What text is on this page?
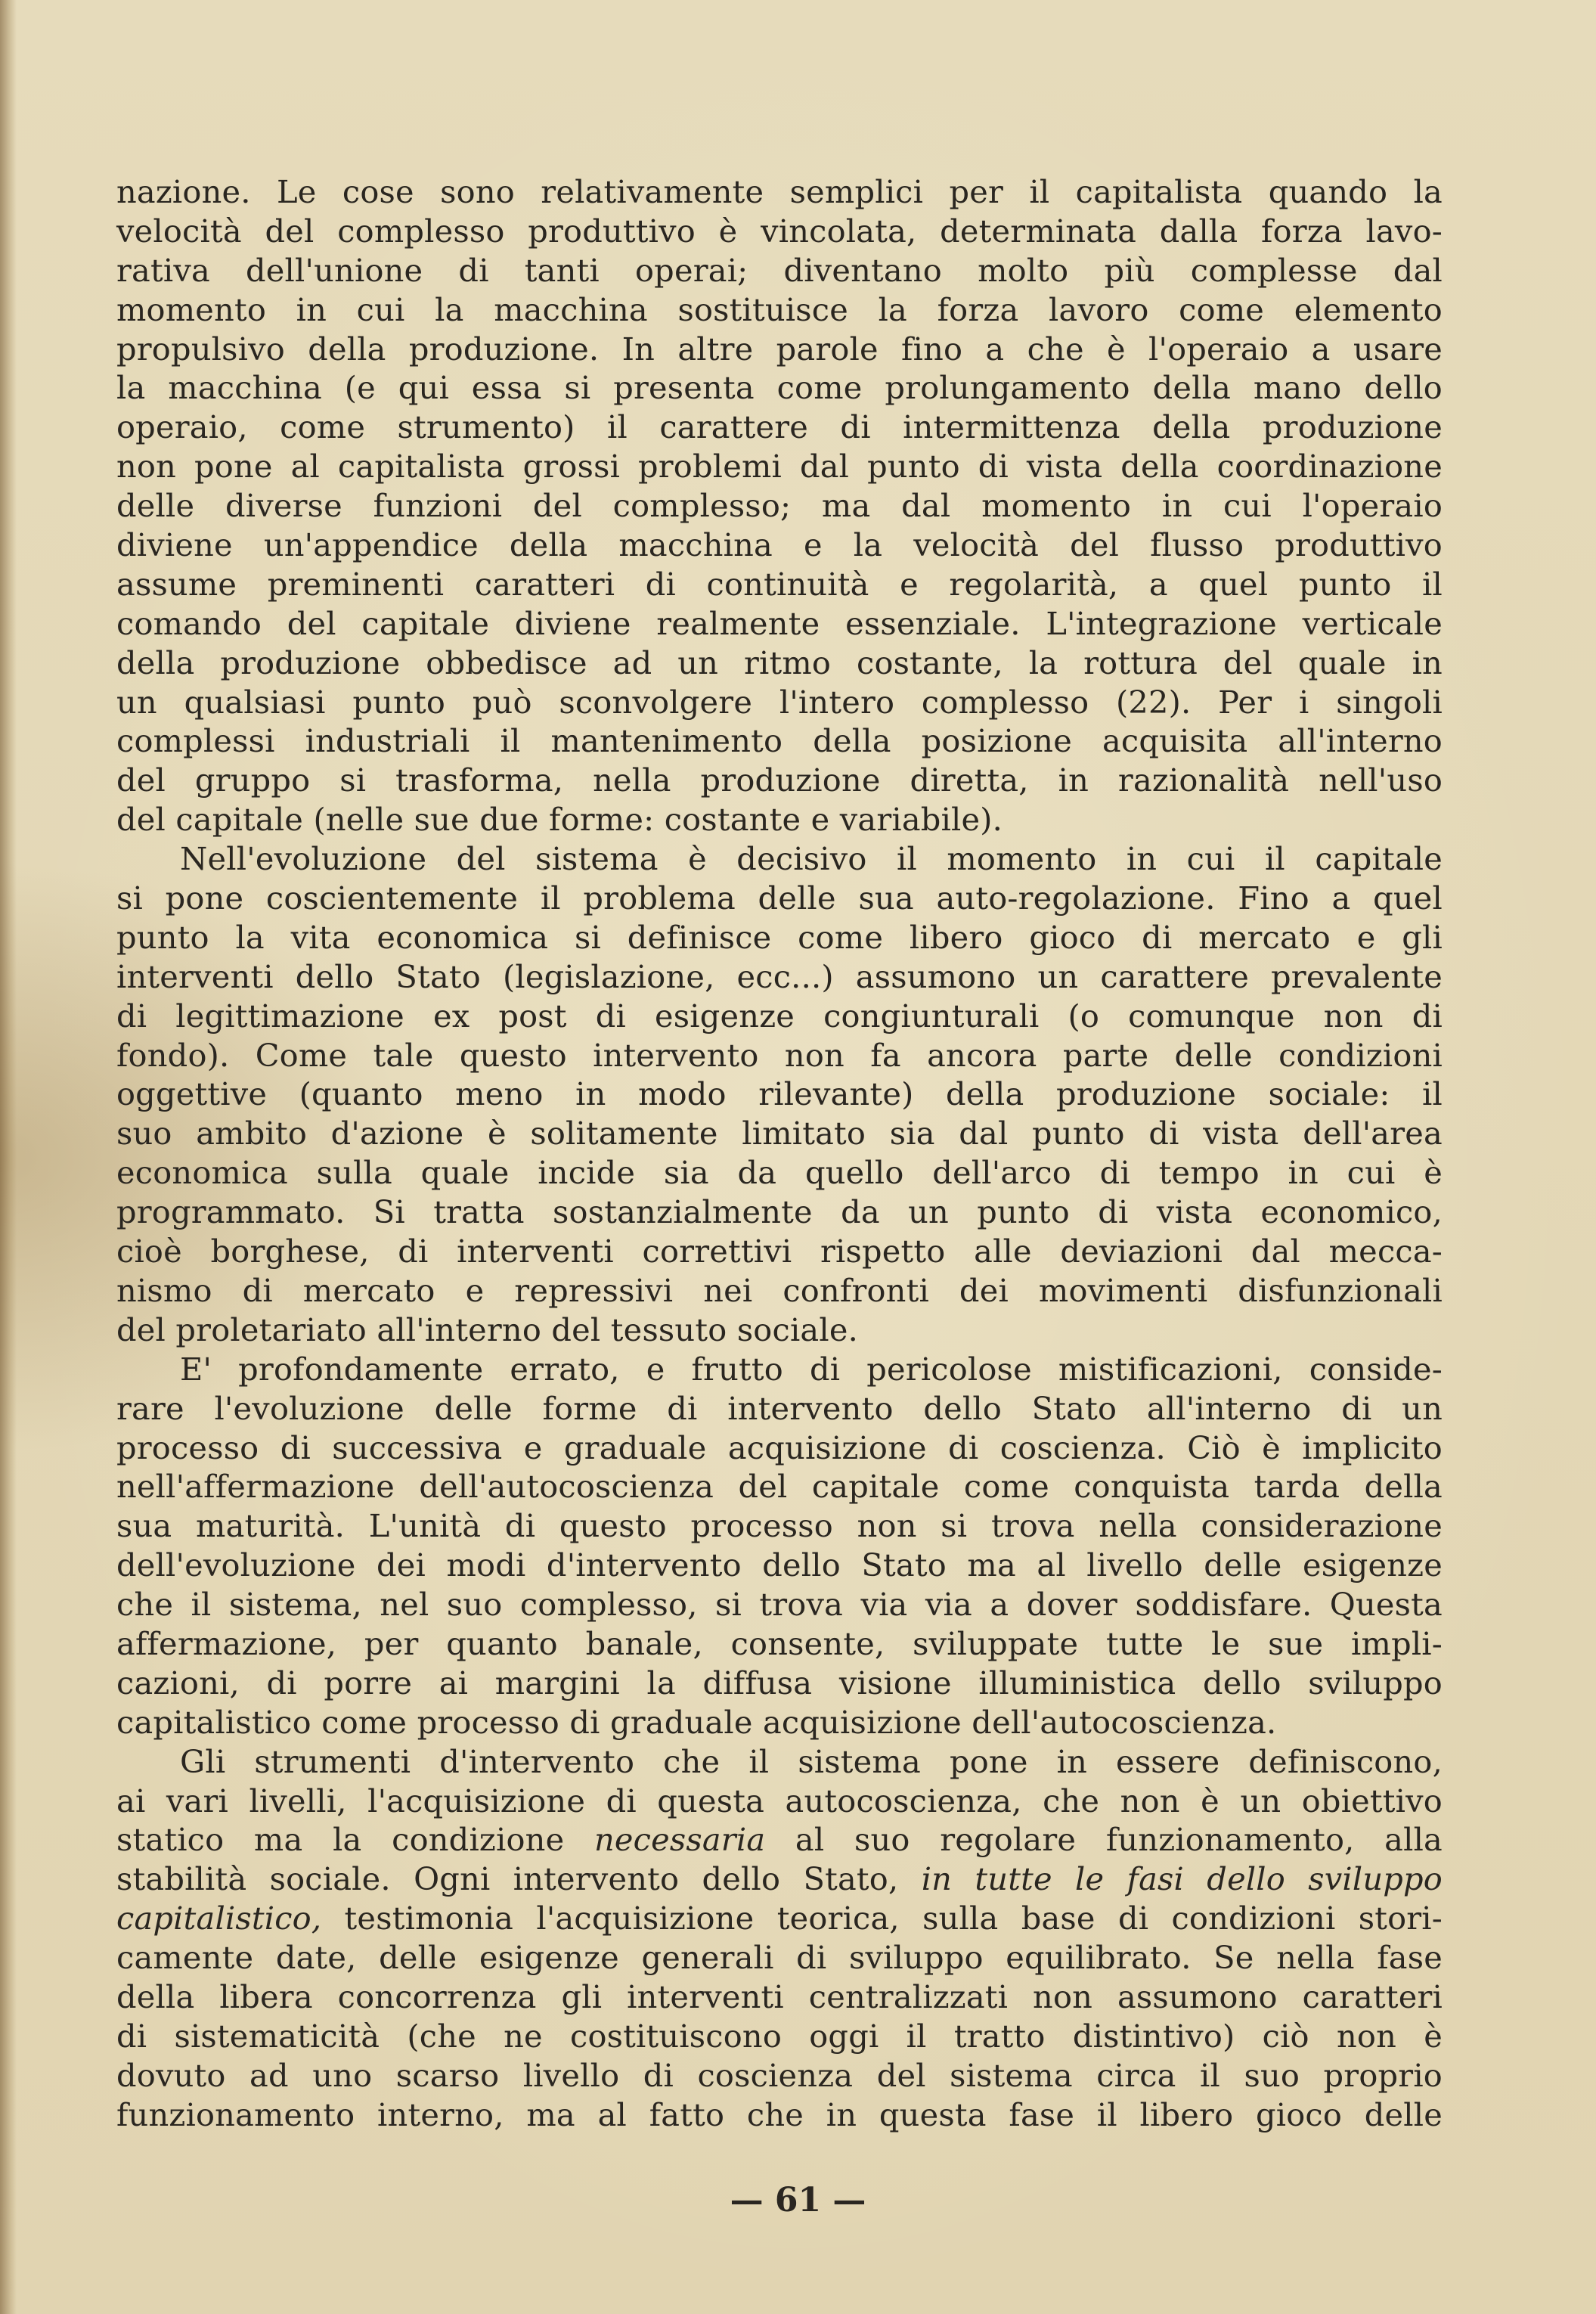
nazione. Le cose sono relativamente semplici per il capitalista quando la
velocità del complesso produttivo è vincolata, determinata dalla forza lavo-
rativa dell'unione di tanti operai; diventano molto più complesse dal
momento in cui la macchina sostituisce la forza lavoro come elemento
propulsivo della produzione. In altre parole fino a che è l'operaio a usare
la macchina (e qui essa si presenta come prolungamento della mano dello
operaio, come strumento) il carattere di intermittenza della produzione
non pone al capitalista grossi problemi dal punto di vista della coordinazione
delle diverse funzioni del complesso; ma dal momento in cui l'operaio
diviene un'appendice della macchina e la velocità del flusso produttivo
assume preminenti caratteri di continuità e regolarità, a quel punto il
comando del capitale diviene realmente essenziale. L'integrazione verticale
della produzione obbedisce ad un ritmo costante, la rottura del quale in
un qualsiasi punto può sconvolgere l'intero complesso (22). Per i singoli
complessi industriali il mantenimento della posizione acquisita all'interno
del gruppo si trasforma, nella produzione diretta, in razionalità nell'uso
del capitale (nelle sue due forme: costante e variabile).
Nell'evoluzione del sistema è decisivo il momento in cui il capitale
si pone coscientemente il problema delle sua auto-regolazione. Fino a quel
punto la vita economica si definisce come libero gioco di mercato e gli
interventi dello Stato (legislazione, ecc...) assumono un carattere prevalente
di legittimazione ex post di esigenze congiunturali (o comunque non di
fondo). Come tale questo intervento non fa ancora parte delle condizioni
oggettive (quanto meno in modo rilevante) della produzione sociale: il
suo ambito d'azione è solitamente limitato sia dal punto di vista dell'area
economica sulla quale incide sia da quello dell'arco di tempo in cui è
programmato. Si tratta sostanzialmente da un punto di vista economico,
cioè borghese, di interventi correttivi rispetto alle deviazioni dal mecca-
nismo di mercato e repressivi nei confronti dei movimenti disfunzionali
del proletariato all'interno del tessuto sociale.
E' profondamente errato, e frutto di pericolose mistificazioni, conside-
rare l'evoluzione delle forme di intervento dello Stato all'interno di un
processo di successiva e graduale acquisizione di coscienza. Ciò è implicito
nell'affermazione dell'autocoscienza del capitale come conquista tarda della
sua maturità. L'unità di questo processo non si trova nella considerazione
dell'evoluzione dei modi d'intervento dello Stato ma al livello delle esigenze
che il sistema, nel suo complesso, si trova via via a dover soddisfare. Questa
affermazione, per quanto banale, consente, sviluppate tutte le sue impli-
cazioni, di porre ai margini la diffusa visione illuministica dello sviluppo
capitalistico come processo di graduale acquisizione dell'autocoscienza.
Gli strumenti d'intervento che il sistema pone in essere definiscono,
ai vari livelli, l'acquisizione di questa autocoscienza, che non è un obiettivo
statico ma la condizione necessaria al suo regolare funzionamento, alla
stabilità sociale. Ogni intervento dello Stato, in tutte le fasi dello sviluppo
capitalistico, testimonia l'acquisizione teorica, sulla base di condizioni stori-
camente date, delle esigenze generali di sviluppo equilibrato. Se nella fase
della libera concorrenza gli interventi centralizzati non assumono caratteri
di sistematicità (che ne costituiscono oggi il tratto distintivo) ciò non è
dovuto ad uno scarso livello di coscienza del sistema circa il suo proprio
funzionamento interno, ma al fatto che in questa fase il libero gioco delle
— 61 —
